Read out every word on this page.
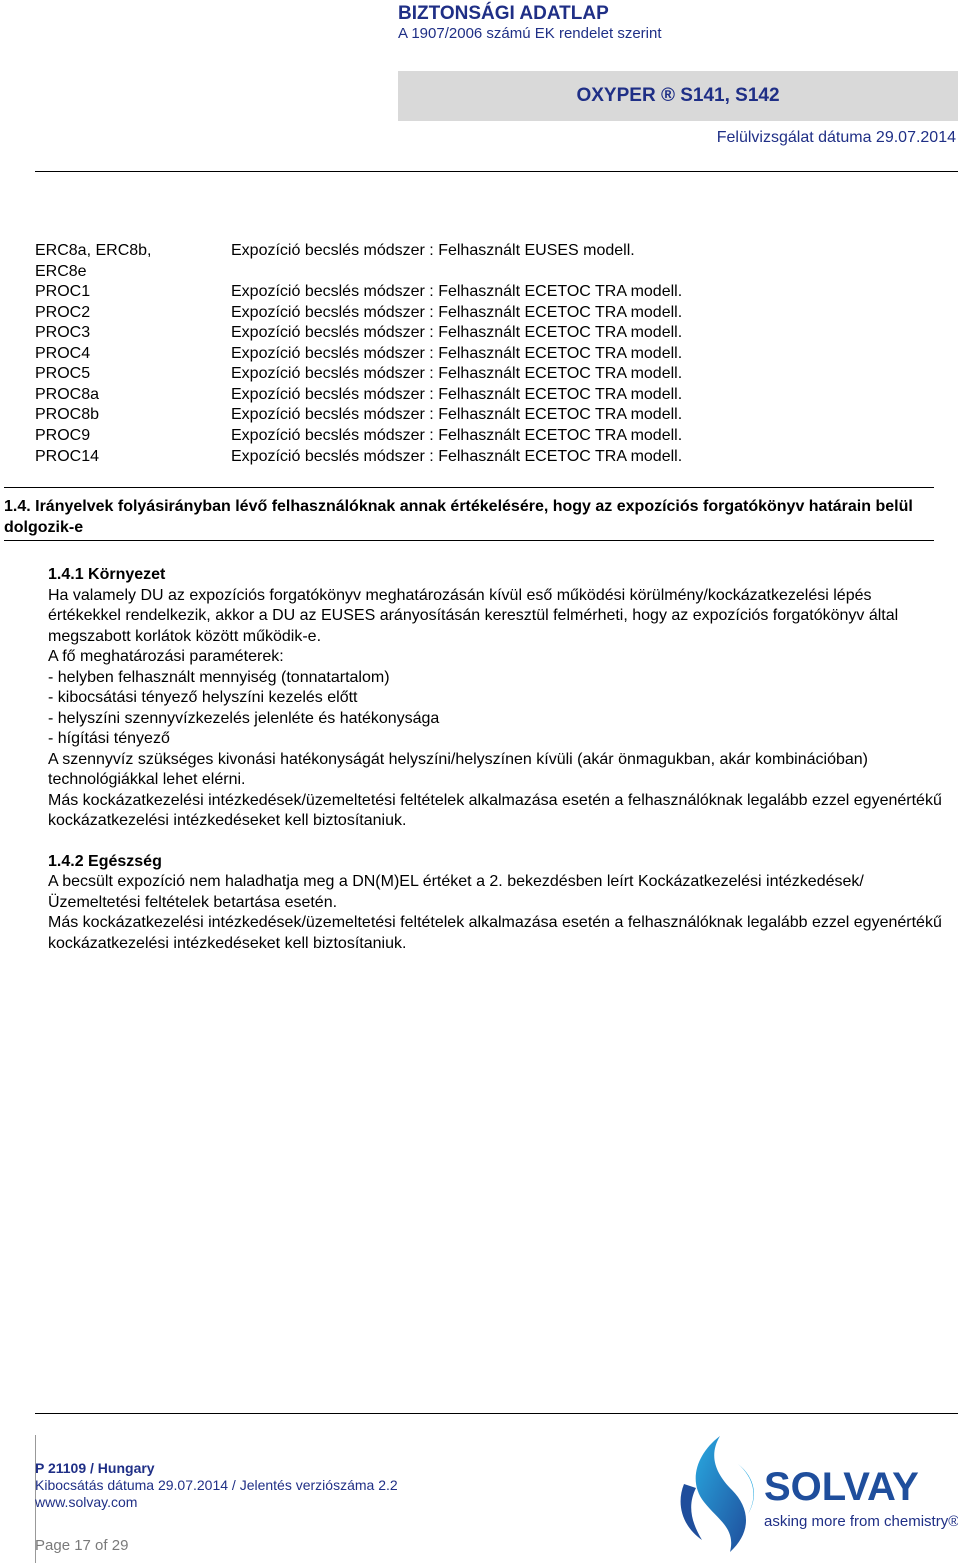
BIZTONSÁGI ADATLAP
A 1907/2006 számú EK rendelet szerint
OXYPER ® S141, S142
Felülvizsgálat dátuma 29.07.2014
ERC8a, ERC8b,	Expozíció becslés módszer : Felhasznált EUSES modell.
ERC8e
PROC1	Expozíció becslés módszer : Felhasznált ECETOC TRA modell.
PROC2	Expozíció becslés módszer : Felhasznált ECETOC TRA modell.
PROC3	Expozíció becslés módszer : Felhasznált ECETOC TRA modell.
PROC4	Expozíció becslés módszer : Felhasznált ECETOC TRA modell.
PROC5	Expozíció becslés módszer : Felhasznált ECETOC TRA modell.
PROC8a	Expozíció becslés módszer : Felhasznált ECETOC TRA modell.
PROC8b	Expozíció becslés módszer : Felhasznált ECETOC TRA modell.
PROC9	Expozíció becslés módszer : Felhasznált ECETOC TRA modell.
PROC14	Expozíció becslés módszer : Felhasznált ECETOC TRA modell.
1.4. Irányelvek folyásirányban lévő felhasználóknak annak értékelésére, hogy az expozíciós forgatókönyv határain belül dolgozik-e

1.4.1 Környezet

Ha valamely DU az expozíciós forgatókönyv meghatározásán kívül eső működési körülmény/kockázatkezelési lépés értékekkel rendelkezik, akkor a DU az EUSES arányosításán keresztül felmérheti, hogy az expozíciós forgatókönyv által megszabott korlátok között működik-e.

A fő meghatározási paraméterek:

- helyben felhasznált mennyiség (tonnatartalom)

- kibocsátási tényező helyszíni kezelés előtt

- helyszíni szennyvízkezelés jelenléte és hatékonysága

- hígítási tényező

A szennyvíz szükséges kivonási hatékonyságát helyszíni/helyszínen kívüli (akár önmagukban, akár kombinációban) technológiákkal lehet elérni.

Más kockázatkezelési intézkedések/üzemeltetési feltételek alkalmazása esetén a felhasználóknak legalább ezzel egyenértékű kockázatkezelési intézkedéseket kell biztosítaniuk.

1.4.2 Egészség

A becsült expozíció nem haladhatja meg a DN(M)EL értéket a 2. bekezdésben leírt Kockázatkezelési intézkedések/Üzemeltetési feltételek betartása esetén.

Más kockázatkezelési intézkedések/üzemeltetési feltételek alkalmazása esetén a felhasználóknak legalább ezzel egyenértékű kockázatkezelési intézkedéseket kell biztosítaniuk.

P 21109 / Hungary
Kibocsátás dátuma 29.07.2014 / Jelentés verziószáma 2.2
www.solvay.com
Page 17 of 29
SOLVAY
asking more from chemistry®
